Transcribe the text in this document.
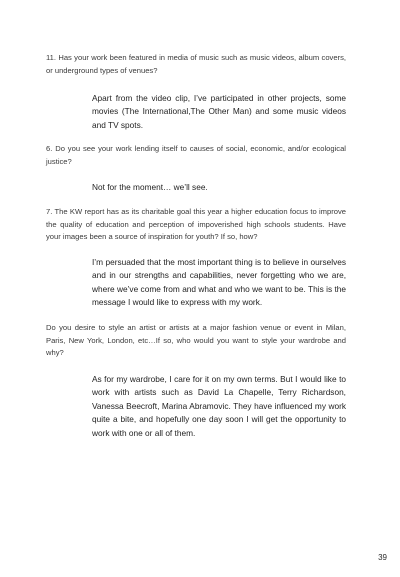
11. Has your work been featured in media of music such as music videos, album covers, or underground types of venues?

Apart from the video clip, I’ve participated in other projects, some movies (The International,The Other Man) and some music videos and TV spots.

6. Do you see your work lending itself to causes of social, economic, and/or ecological justice?

Not for the moment… we’ll see.

7. The KW report has as its charitable goal this year a higher education focus to improve the quality of education and perception of impoverished high schools students. Have your images been a source of inspiration for youth? If so, how?

I’m persuaded that the most important thing is to believe in ourselves and in our strengths and capabilities, never forgetting who we are, where we’ve come from and what and who we want to be. This is the message I would like to express with my work.

Do you desire to style an artist or artists at a major fashion venue or event in Milan, Paris, New York, London, etc…If so, who would you want to style your wardrobe and why?

As for my wardrobe, I care for it on my own terms. But I would like to work with artists such as David La Chapelle, Terry Richardson, Vanessa Beecroft, Marina Abramovic. They have influenced my work quite a bite, and hopefully one day soon I will get the opportunity to work with one or all of them.

39
